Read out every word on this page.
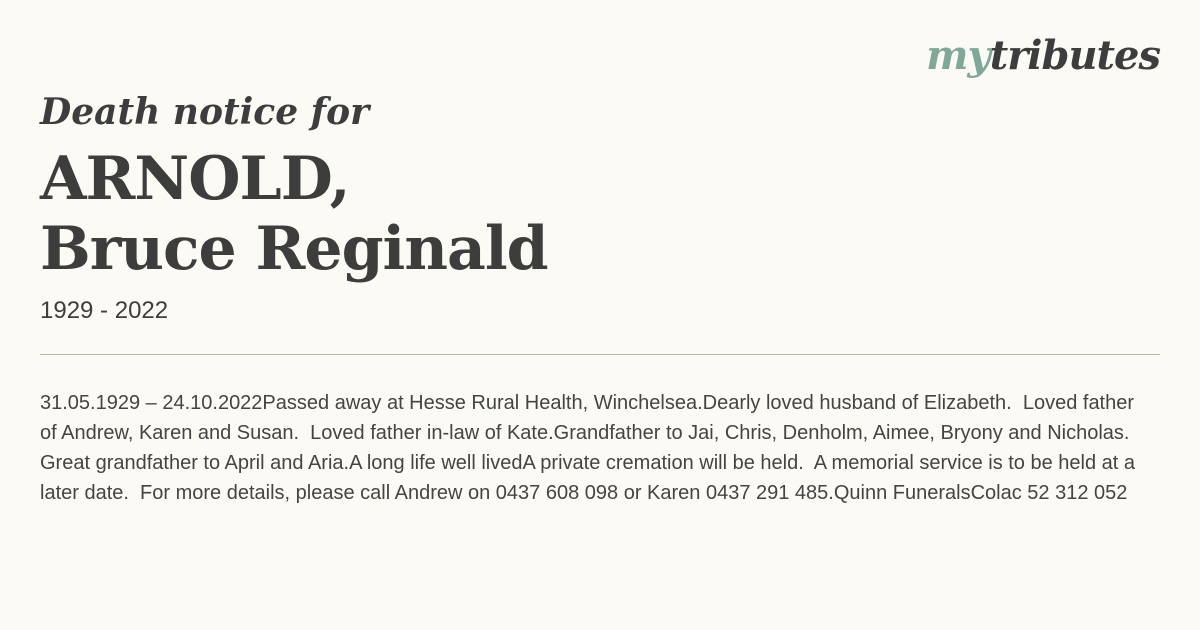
mytributes
Death notice for
ARNOLD,
Bruce Reginald
1929 - 2022

31.05.1929 – 24.10.2022Passed away at Hesse Rural Health, Winchelsea.Dearly loved husband of Elizabeth.  Loved father of Andrew, Karen and Susan.  Loved father in-law of Kate.Grandfather to Jai, Chris, Denholm, Aimee, Bryony and Nicholas.  Great grandfather to April and Aria.A long life well livedA private cremation will be held.  A memorial service is to be held at a later date.  For more details, please call Andrew on 0437 608 098 or Karen 0437 291 485.Quinn FuneralsColac 52 312 052
